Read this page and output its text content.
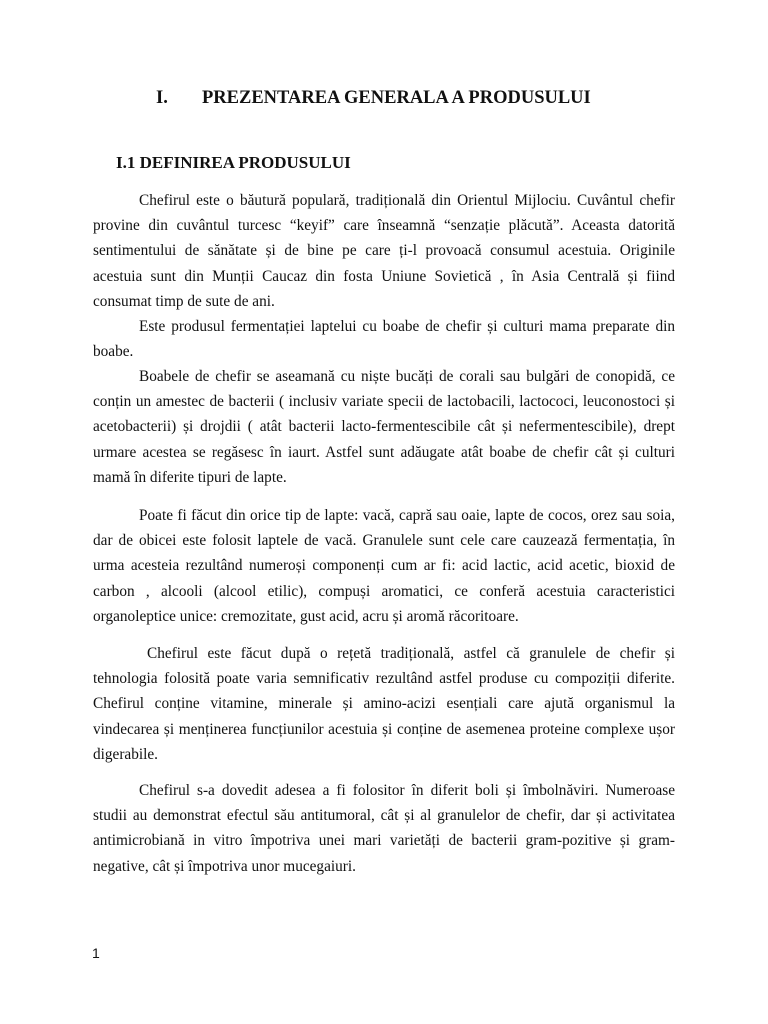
I. PREZENTAREA GENERALA A PRODUSULUI
I.1 DEFINIREA PRODUSULUI
Chefirul este o băutură populară, tradițională din Orientul Mijlociu. Cuvântul chefir
provine din cuvântul turcesc “keyif” care înseamnă “senzație plăcută”. Aceasta datorită
sentimentului de sănătate și de bine pe care ți-l provoacă consumul acestuia. Originile
acestuia sunt din Munții Caucaz din fosta Uniune Sovietică , în Asia Centrală și fiind
consumat timp de sute de ani.
Este produsul fermentației laptelui cu boabe de chefir și culturi mama preparate din
boabe.
Boabele de chefir se aseamană cu niște bucăți de corali sau bulgări de conopidă, ce
conțin un amestec de bacterii ( inclusiv variate specii de lactobacili, lactococi, leuconostoci și
acetobacterii) și drojdii ( atât bacterii lacto-fermentescibile cât și nefermentescibile), drept
urmare acestea se regăsesc în iaurt. Astfel sunt adăugate atât boabe de chefir cât și culturi
mamă în diferite tipuri de lapte.
Poate fi făcut din orice tip de lapte: vacă, capră sau oaie, lapte de cocos, orez sau soia,
dar de obicei este folosit laptele de vacă. Granulele sunt cele care cauzează fermentația, în
urma acesteia rezultând numeroși componenți cum ar fi: acid lactic, acid acetic, bioxid de
carbon , alcooli (alcool etilic), compuși aromatici, ce conferă acestuia caracteristici
organoleptice unice: cremozitate, gust acid, acru și aromă răcoritoare.
Chefirul este făcut după o rețetă tradițională, astfel că granulele de chefir și
tehnologia folosită poate varia semnificativ rezultând astfel produse cu compoziții diferite.
Chefirul conține vitamine, minerale și amino-acizi esențiali care ajută organismul la
vindecarea și menținerea funcțiunilor acestuia și conține de asemenea proteine complexe ușor
digerabile.
Chefirul s-a dovedit adesea a fi folositor în diferit boli și îmbolnăviri. Numeroase
studii au demonstrat efectul său antitumoral, cât și al granulelor de chefir, dar și activitatea
antimicrobiană in vitro împotriva unei mari varietăți de bacterii gram-pozitive și gram-
negative, cât și împotriva unor mucegaiuri.
1
